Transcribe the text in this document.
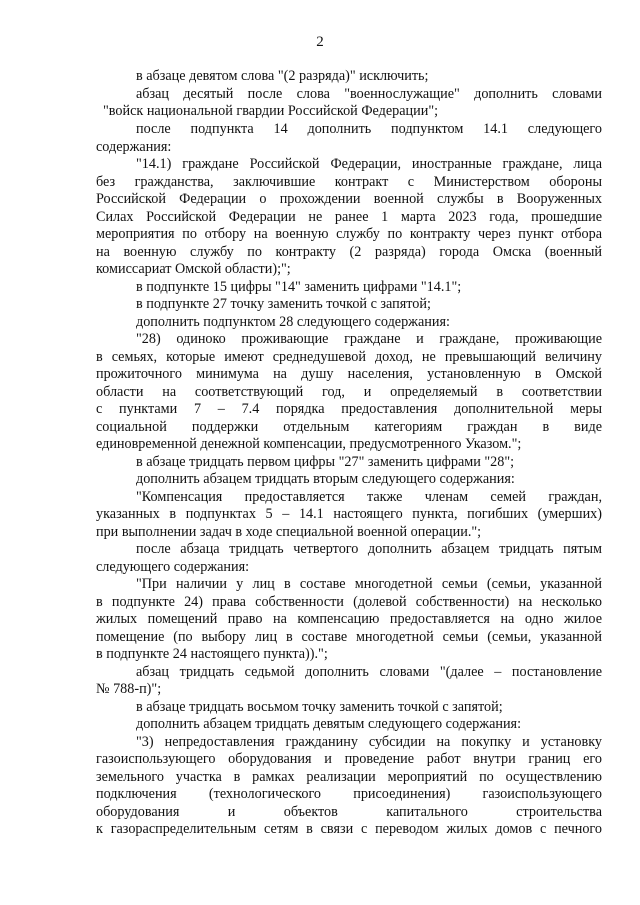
2
в абзаце девятом слова "(2 разряда)" исключить;
абзац десятый после слова "военнослужащие" дополнить словами
"войск национальной гвардии Российской Федерации";
после подпункта 14 дополнить подпунктом 14.1 следующего
содержания:
"14.1) граждане Российской Федерации, иностранные граждане, лица
без гражданства, заключившие контракт с Министерством обороны
Российской Федерации о прохождении военной службы в Вооруженных
Силах Российской Федерации не ранее 1 марта 2023 года, прошедшие
мероприятия по отбору на военную службу по контракту через пункт отбора
на военную службу по контракту (2 разряда) города Омска (военный
комиссариат Омской области);";
в подпункте 15 цифры "14" заменить цифрами "14.1";
в подпункте 27 точку заменить точкой с запятой;
дополнить подпунктом 28 следующего содержания:
"28) одиноко проживающие граждане и граждане, проживающие
в семьях, которые имеют среднедушевой доход, не превышающий величину
прожиточного минимума на душу населения, установленную в Омской
области на соответствующий год, и определяемый в соответствии
с пунктами 7 – 7.4 порядка предоставления дополнительной меры
социальной поддержки отдельным категориям граждан в виде
единовременной денежной компенсации, предусмотренного Указом.";
в абзаце тридцать первом цифры "27" заменить цифрами "28";
дополнить абзацем тридцать вторым следующего содержания:
"Компенсация предоставляется также членам семей граждан,
указанных в подпунктах 5 – 14.1 настоящего пункта, погибших (умерших)
при выполнении задач в ходе специальной военной операции.";
после абзаца тридцать четвертого дополнить абзацем тридцать пятым
следующего содержания:
"При наличии у лиц в составе многодетной семьи (семьи, указанной
в подпункте 24) права собственности (долевой собственности) на несколько
жилых помещений право на компенсацию предоставляется на одно жилое
помещение (по выбору лиц в составе многодетной семьи (семьи, указанной
в подпункте 24 настоящего пункта)).";
абзац тридцать седьмой дополнить словами "(далее – постановление
№ 788-п)";
в абзаце тридцать восьмом точку заменить точкой с запятой;
дополнить абзацем тридцать девятым следующего содержания:
"3) непредоставления гражданину субсидии на покупку и установку
газоиспользующего оборудования и проведение работ внутри границ его
земельного участка в рамках реализации мероприятий по осуществлению
подключения (технологического присоединения) газоиспользующего
оборудования и объектов капитального строительства
к газораспределительным сетям в связи с переводом жилых домов с печного
